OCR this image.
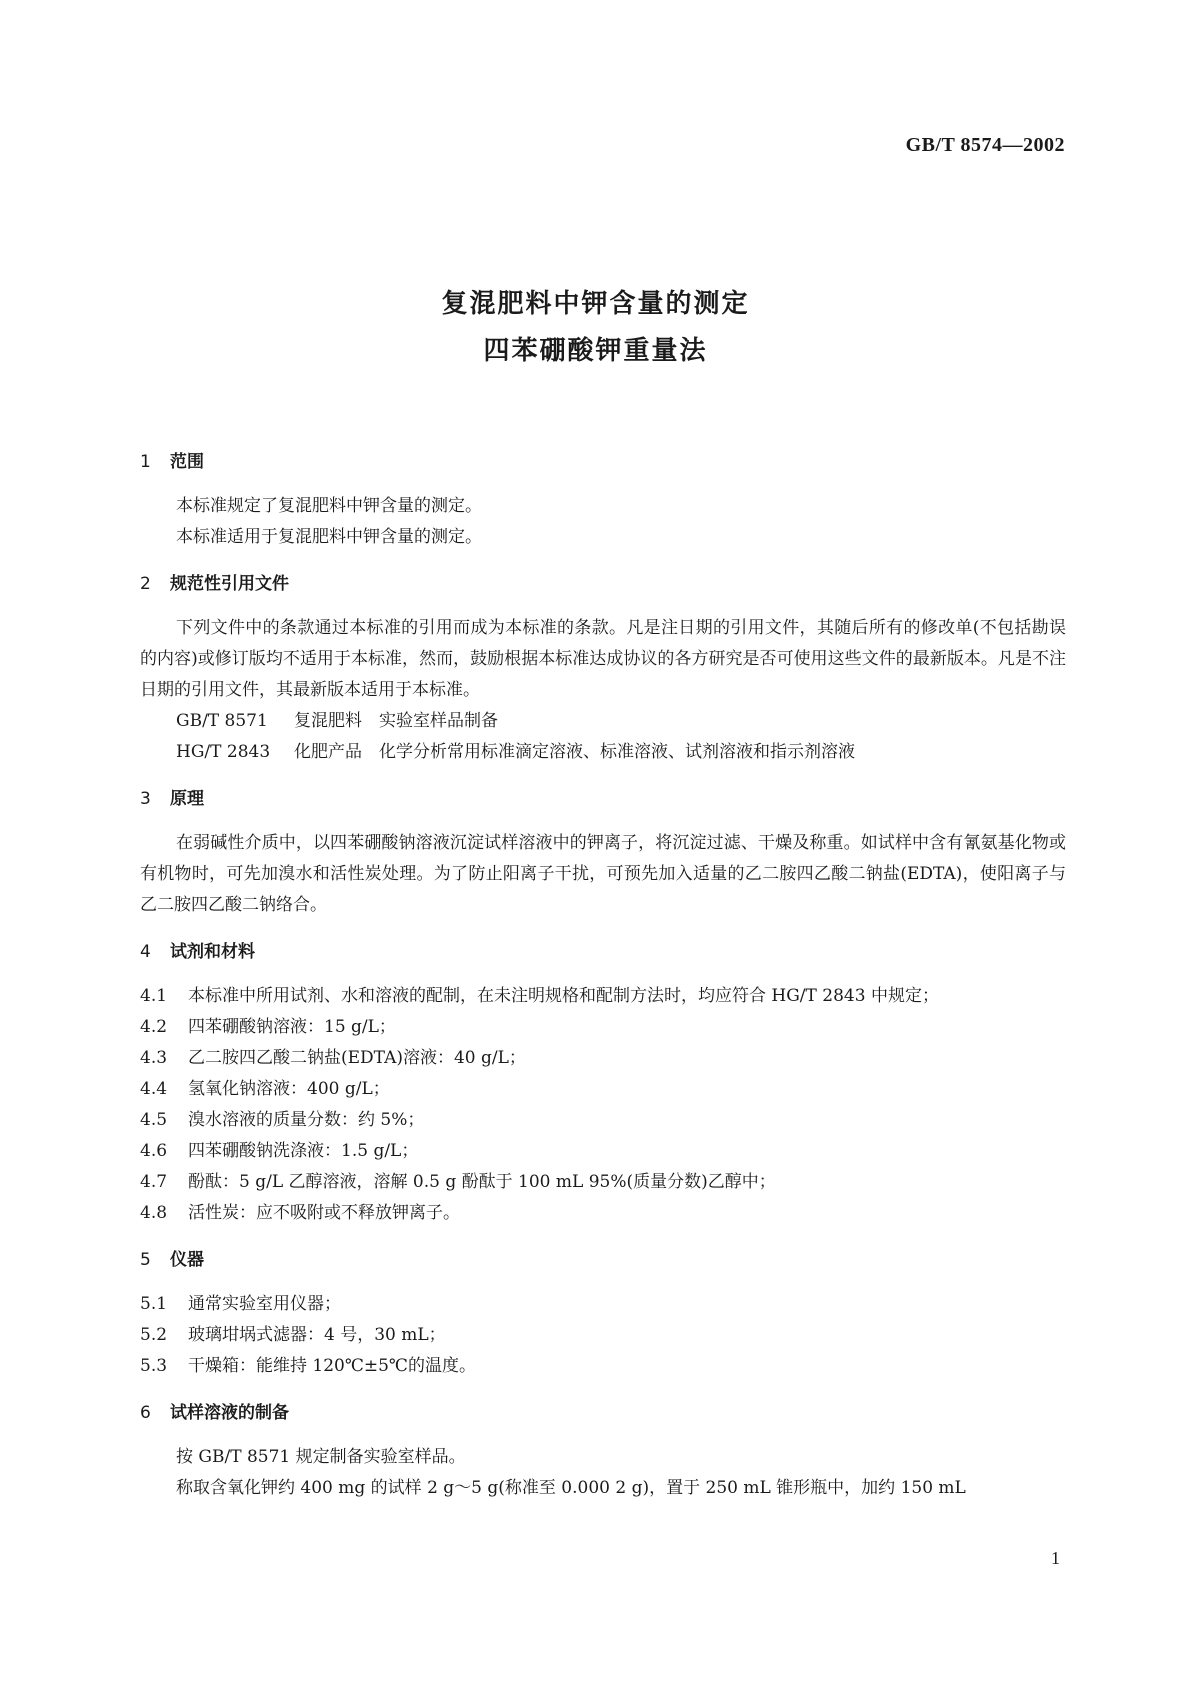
GB/T 8574—2002
复混肥料中钾含量的测定
四苯硼酸钾重量法
1 范围

本标准规定了复混肥料中钾含量的测定。

本标准适用于复混肥料中钾含量的测定。

2 规范性引用文件

下列文件中的条款通过本标准的引用而成为本标准的条款。凡是注日期的引用文件，其随后所有的修改单(不包括勘误的内容)或修订版均不适用于本标准，然而，鼓励根据本标准达成协议的各方研究是否可使用这些文件的最新版本。凡是不注日期的引用文件，其最新版本适用于本标准。

GB/T 8571 复混肥料　实验室样品制备

HG/T 2843 化肥产品　化学分析常用标准滴定溶液、标准溶液、试剂溶液和指示剂溶液

3 原理

在弱碱性介质中，以四苯硼酸钠溶液沉淀试样溶液中的钾离子，将沉淀过滤、干燥及称重。如试样中含有氰氨基化物或有机物时，可先加溴水和活性炭处理。为了防止阳离子干扰，可预先加入适量的乙二胺四乙酸二钠盐(EDTA)，使阳离子与乙二胺四乙酸二钠络合。

4 试剂和材料

4.1 本标准中所用试剂、水和溶液的配制，在未注明规格和配制方法时，均应符合 HG/T 2843 中规定；

4.2 四苯硼酸钠溶液：15 g/L；

4.3 乙二胺四乙酸二钠盐(EDTA)溶液：40 g/L；

4.4 氢氧化钠溶液：400 g/L；

4.5 溴水溶液的质量分数：约 5%；

4.6 四苯硼酸钠洗涤液：1.5 g/L；

4.7 酚酞：5 g/L 乙醇溶液，溶解 0.5 g 酚酞于 100 mL 95%(质量分数)乙醇中；

4.8 活性炭：应不吸附或不释放钾离子。

5 仪器

5.1 通常实验室用仪器；

5.2 玻璃坩埚式滤器：4 号，30 mL；

5.3 干燥箱：能维持 120℃±5℃的温度。

6 试样溶液的制备

按 GB/T 8571 规定制备实验室样品。

称取含氧化钾约 400 mg 的试样 2 g～5 g(称准至 0.000 2 g)，置于 250 mL 锥形瓶中，加约 150 mL

1
